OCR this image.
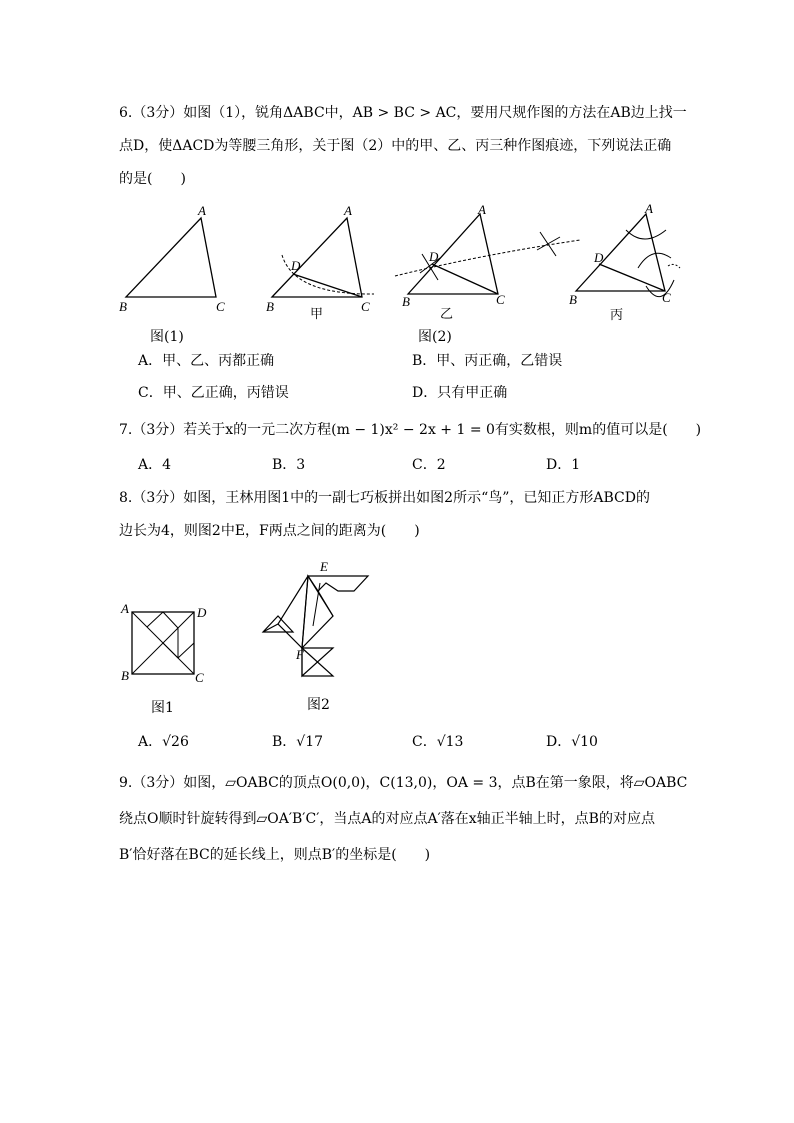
6.（3分）如图（1），锐角ΔABC中，AB > BC > AC，要用尺规作图的方法在AB边上找一
点D，使ΔACD为等腰三角形，关于图（2）中的甲、乙、丙三种作图痕迹，下列说法正确
的是(　　)
A
B	C
图(1)
A
D
B	C
甲
A
D
B	C
乙
图(2)
A
D
B	C
丙
A．甲、乙、丙都正确	B．甲、丙正确，乙错误
C．甲、乙正确，丙错误	D．只有甲正确
7.（3分）若关于x的一元二次方程(m − 1)x² − 2x + 1 = 0有实数根，则m的值可以是(　　)
A．4	B．3	C．2	D．1
8.（3分）如图，王林用图1中的一副七巧板拼出如图2所示“鸟”，已知正方形ABCD的
边长为4，则图2中E，F两点之间的距离为(　　)
A	D
B	C
图1
E
F
图2
A．√26	B．√17	C．√13	D．√10
9.（3分）如图，▱OABC的顶点O(0,0)，C(13,0)，OA = 3，点B在第一象限，将▱OABC
绕点O顺时针旋转得到▱OA′B′C′，当点A的对应点A′落在x轴正半轴上时，点B的对应点
B′恰好落在BC的延长线上，则点B′的坐标是(　　)
